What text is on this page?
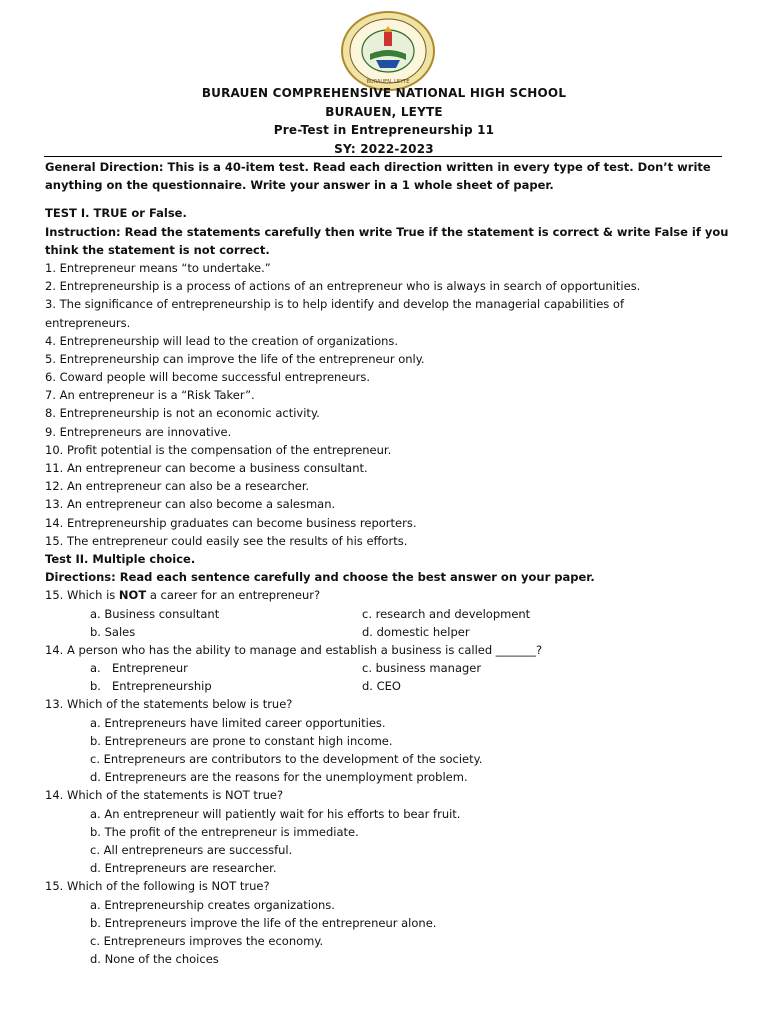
BURAUEN, LEYTE
BURAUEN COMPREHENSIVE NATIONAL HIGH SCHOOL
BURAUEN, LEYTE
Pre-Test in Entrepreneurship 11
SY: 2022-2023
General Direction: This is a 40-item test. Read each direction written in every type of test. Don’t write
anything on the questionnaire. Write your answer in a 1 whole sheet of paper.
TEST I. TRUE or False.
Instruction: Read the statements carefully then write True if the statement is correct & write False if you
think the statement is not correct.
1. Entrepreneur means “to undertake.”
2. Entrepreneurship is a process of actions of an entrepreneur who is always in search of opportunities.
3. The significance of entrepreneurship is to help identify and develop the managerial capabilities of
entrepreneurs.
4. Entrepreneurship will lead to the creation of organizations.
5. Entrepreneurship can improve the life of the entrepreneur only.
6. Coward people will become successful entrepreneurs.
7. An entrepreneur is a “Risk Taker”.
8. Entrepreneurship is not an economic activity.
9. Entrepreneurs are innovative.
10. Profit potential is the compensation of the entrepreneur.
11. An entrepreneur can become a business consultant.
12. An entrepreneur can also be a researcher.
13. An entrepreneur can also become a salesman.
14. Entrepreneurship graduates can become business reporters.
15. The entrepreneur could easily see the results of his efforts.
Test II. Multiple choice.
Directions: Read each sentence carefully and choose the best answer on your paper.
15. Which is NOT a career for an entrepreneur?
a. Business consultant	c. research and development
b. Sales	d. domestic helper
14. A person who has the ability to manage and establish a business is called _______?
a. Entrepreneur	c. business manager
b. Entrepreneurship	d. CEO
13. Which of the statements below is true?
a. Entrepreneurs have limited career opportunities.
b. Entrepreneurs are prone to constant high income.
c. Entrepreneurs are contributors to the development of the society.
d. Entrepreneurs are the reasons for the unemployment problem.
14. Which of the statements is NOT true?
a. An entrepreneur will patiently wait for his efforts to bear fruit.
b. The profit of the entrepreneur is immediate.
c. All entrepreneurs are successful.
d. Entrepreneurs are researcher.
15. Which of the following is NOT true?
a. Entrepreneurship creates organizations.
b. Entrepreneurs improve the life of the entrepreneur alone.
c. Entrepreneurs improves the economy.
d. None of the choices
